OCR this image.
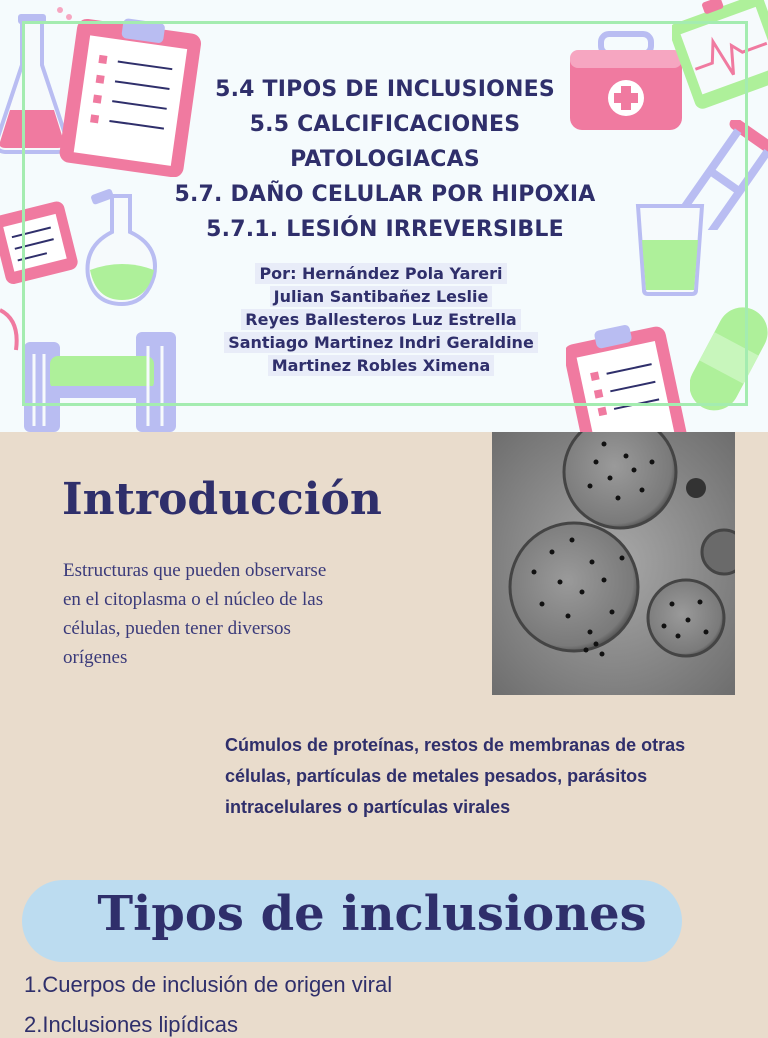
5.4 TIPOS DE INCLUSIONES
5.5 CALCIFICACIONES
PATOLOGIACAS
5.7. DAÑO CELULAR POR HIPOXIA
5.7.1. LESIÓN IRREVERSIBLE
Por: Hernández Pola Yareri
Julian Santibañez Leslie
Reyes Ballesteros Luz Estrella
Santiago Martinez Indri Geraldine
Martinez Robles Ximena
Introducción

Estructuras que pueden observarse en el citoplasma o el núcleo de las células, pueden tener diversos orígenes

Cúmulos de proteínas, restos de membranas de otras células, partículas de metales pesados, parásitos intracelulares o partículas virales

Tipos de inclusiones
1.Cuerpos de inclusión de origen viral
2.Inclusiones lipídicas
